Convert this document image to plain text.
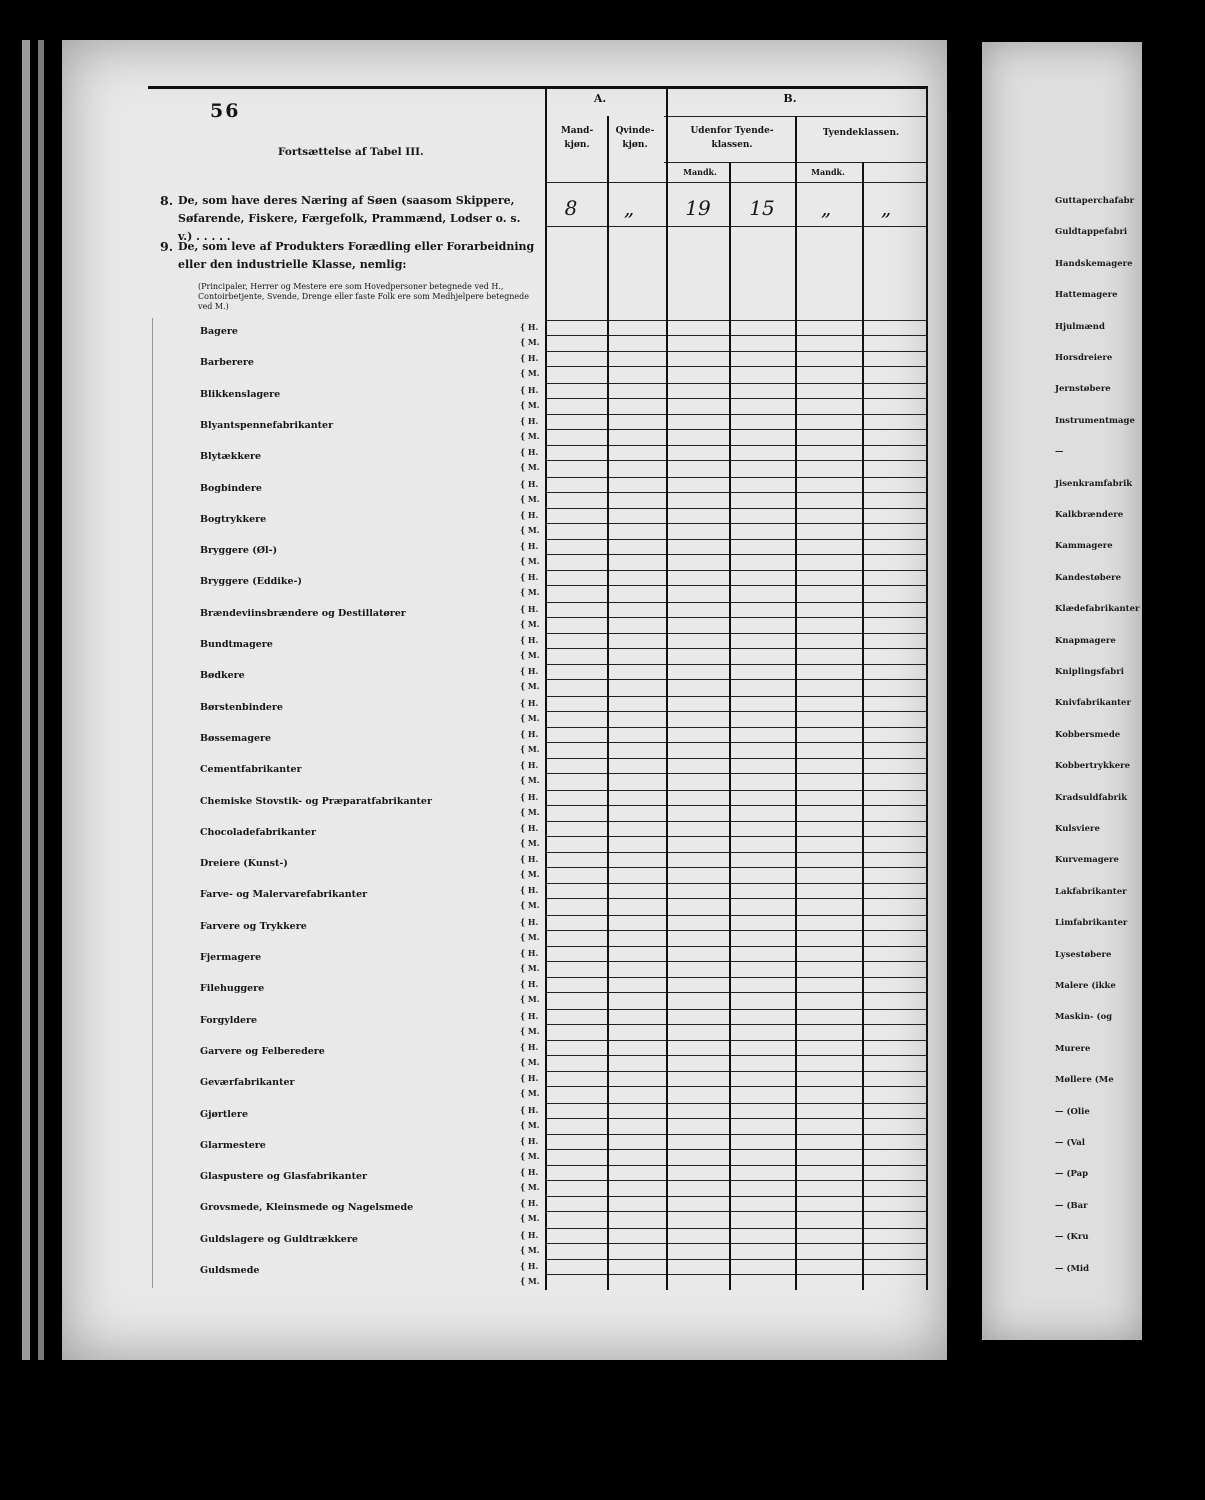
56
Fortsættelse af Tabel III.
8. De, som have deres Næring af Søen (saasom Skippere, Søfarende, Fiskere, Færgefolk, Prammænd, Lodser o. s. v.) . . . . .
9. De, som leve af Produkters Forædling eller Forarbeidning eller den industrielle Klasse, nemlig:
(Principaler, Herrer og Mestere ere som Hovedpersoner betegnede ved H., Contoirbetjente, Svende, Drenge eller faste Folk ere som Medhjelpere betegnede ved M.)
A.	B.
Mand-kjøn.
Qvinde-kjøn.
Udenfor Tyende-klassen.
Tyendeklassen.
Mandk.	Mandk.
8	„	19	15	„	„
Bagere	{ H.
{ M.
Barberere	{ H.
{ M.
Blikkenslagere	{ H.
{ M.
Blyantspennefabrikanter	{ H.
{ M.
Blytækkere	{ H.
{ M.
Bogbindere	{ H.
{ M.
Bogtrykkere	{ H.
{ M.
Bryggere (Øl-)	{ H.
{ M.
Bryggere (Eddike-)	{ H.
{ M.
Brændeviinsbrændere og Destillatører	{ H.
{ M.
Bundtmagere	{ H.
{ M.
Bødkere	{ H.
{ M.
Børstenbindere	{ H.
{ M.
Bøssemagere	{ H.
{ M.
Cementfabrikanter	{ H.
{ M.
Chemiske Stovstik- og Præparatfabrikanter	{ H.
{ M.
Chocoladefabrikanter	{ H.
{ M.
Dreiere (Kunst-)	{ H.
{ M.
Farve- og Malervarefabrikanter	{ H.
{ M.
Farvere og Trykkere	{ H.
{ M.
Fjermagere	{ H.
{ M.
Filehuggere	{ H.
{ M.
Forgyldere	{ H.
{ M.
Garvere og Felberedere	{ H.
{ M.
Geværfabrikanter	{ H.
{ M.
Gjørtlere	{ H.
{ M.
Glarmestere	{ H.
{ M.
Glaspustere og Glasfabrikanter	{ H.
{ M.
Grovsmede, Kleinsmede og Nagelsmede	{ H.
{ M.
Guldslagere og Guldtrækkere	{ H.
{ M.
Guldsmede	{ H.
{ M.
Guttaperchafabr
Guldtappefabri
Handskemagere
Hattemagere
Hjulmænd
Horsdreiere
Jernstøbere
Instrumentmage
—
Jisenkramfabrik
Kalkbrændere
Kammagere
Kandestøbere
Klædefabrikanter
Knapmagere
Kniplingsfabri
Knivfabrikanter
Kobbersmede
Kobbertrykkere
Kradsuldfabrik
Kulsviere
Kurvemagere
Lakfabrikanter
Limfabrikanter
Lysestøbere
Malere (ikke
Maskin- (og
Murere
Møllere (Me
— (Olie
— (Val
— (Pap
— (Bar
— (Kru
— (Mid
